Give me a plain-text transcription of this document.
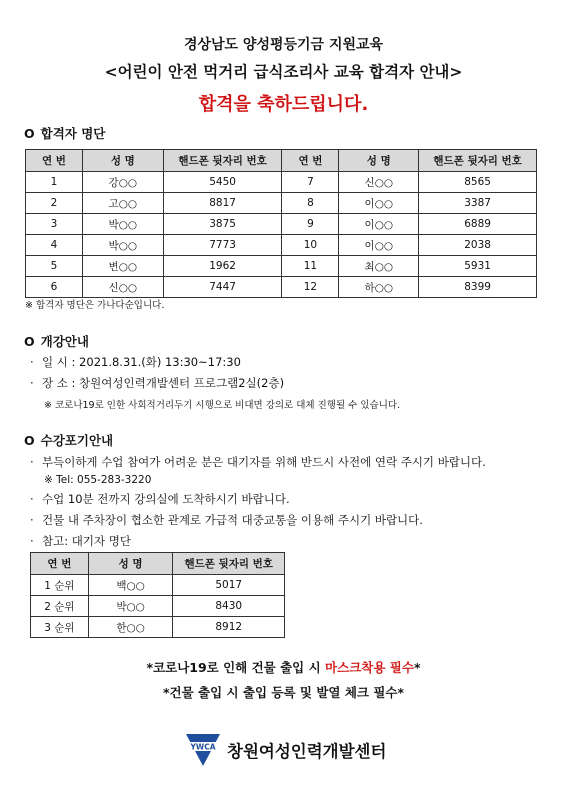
경상남도 양성평등기금 지원교육
<어린이 안전 먹거리 급식조리사 교육 합격자 안내>
합격을 축하드립니다.
O 합격자 명단
연 번	성 명	핸드폰 뒷자리 번호	연 번	성 명	핸드폰 뒷자리 번호
1	강○○	5450	7	신○○	8565
2	고○○	8817	8	이○○	3387
3	박○○	3875	9	이○○	6889
4	박○○	7773	10	이○○	2038
5	변○○	1962	11	최○○	5931
6	신○○	7447	12	하○○	8399
※ 합격자 명단은 가나다순입니다.
O 개강안내
· 일 시 : 2021.8.31.(화) 13:30~17:30
· 장 소 : 창원여성인력개발센터 프로그램2실(2층)
※ 코로나19로 인한 사회적거리두기 시행으로 비대면 강의로 대체 진행될 수 있습니다.
O 수강포기안내
· 부득이하게 수업 참여가 어려운 분은 대기자를 위해 반드시 사전에 연락 주시기 바랍니다.
※ Tel: 055-283-3220
· 수업 10분 전까지 강의실에 도착하시기 바랍니다.
· 건물 내 주차장이 협소한 관계로 가급적 대중교통을 이용해 주시기 바랍니다.
· 참고: 대기자 명단
연 번	성 명	핸드폰 뒷자리 번호
1 순위	백○○	5017
2 순위	박○○	8430
3 순위	한○○	8912
*코로나19로 인해 건물 출입 시 마스크착용 필수*
*건물 출입 시 출입 등록 및 발열 체크 필수*
YWCA 창원여성인력개발센터
